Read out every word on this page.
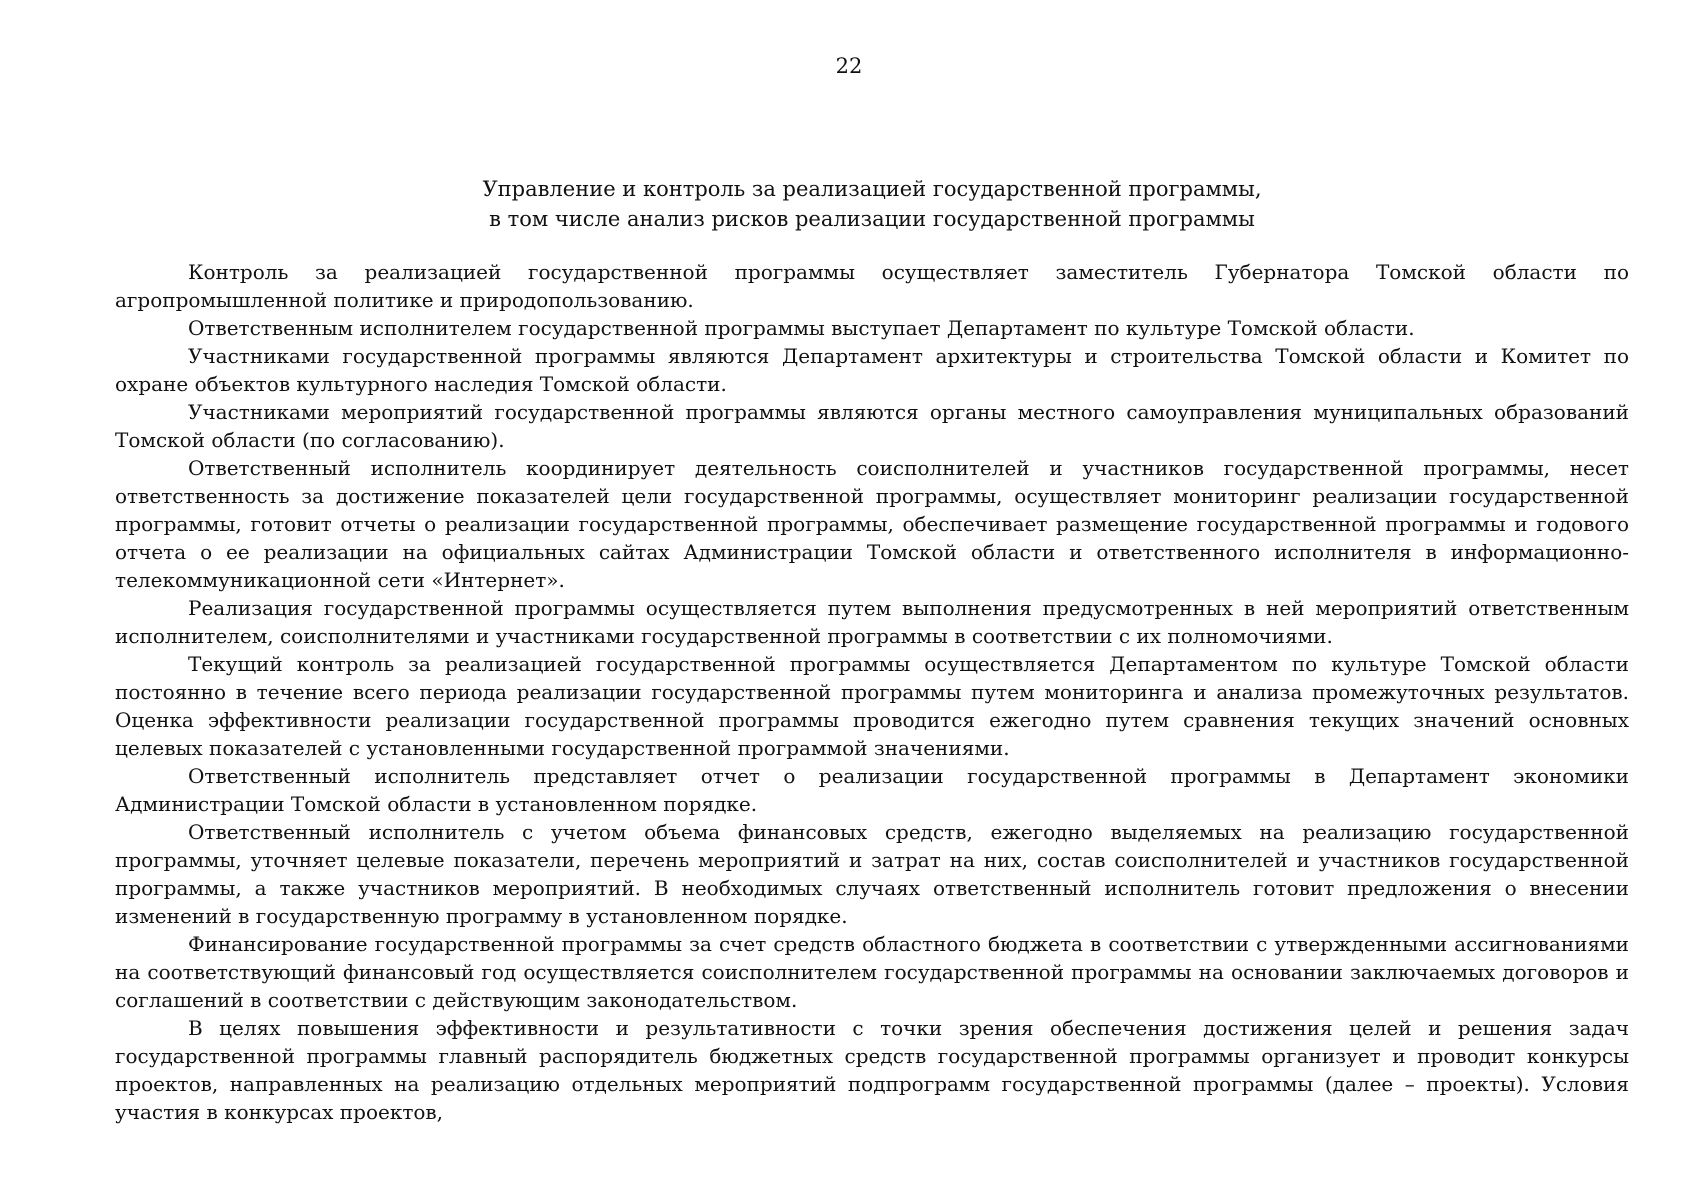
22
Управление и контроль за реализацией государственной программы,
в том числе анализ рисков реализации государственной программы

Контроль за реализацией государственной программы осуществляет заместитель Губернатора Томской области по агропромышленной политике и природопользованию.

Ответственным исполнителем государственной программы выступает Департамент по культуре Томской области.

Участниками государственной программы являются Департамент архитектуры и строительства Томской области и Комитет по охране объектов культурного наследия Томской области.

Участниками мероприятий государственной программы являются органы местного самоуправления муниципальных образований Томской области (по согласованию).

Ответственный исполнитель координирует деятельность соисполнителей и участников государственной программы, несет ответственность за достижение показателей цели государственной программы, осуществляет мониторинг реализации государственной программы, готовит отчеты о реализации государственной программы, обеспечивает размещение государственной программы и годового отчета о ее реализации на официальных сайтах Администрации Томской области и ответственного исполнителя в информационно-телекоммуникационной сети «Интернет».

Реализация государственной программы осуществляется путем выполнения предусмотренных в ней мероприятий ответственным исполнителем, соисполнителями и участниками государственной программы в соответствии с их полномочиями.

Текущий контроль за реализацией государственной программы осуществляется Департаментом по культуре Томской области постоянно в течение всего периода реализации государственной программы путем мониторинга и анализа промежуточных результатов. Оценка эффективности реализации государственной программы проводится ежегодно путем сравнения текущих значений основных целевых показателей с установленными государственной программой значениями.

Ответственный исполнитель представляет отчет о реализации государственной программы в Департамент экономики Администрации Томской области в установленном порядке.

Ответственный исполнитель с учетом объема финансовых средств, ежегодно выделяемых на реализацию государственной программы, уточняет целевые показатели, перечень мероприятий и затрат на них, состав соисполнителей и участников государственной программы, а также участников мероприятий. В необходимых случаях ответственный исполнитель готовит предложения о внесении изменений в государственную программу в установленном порядке.

Финансирование государственной программы за счет средств областного бюджета в соответствии с утвержденными ассигнованиями на соответствующий финансовый год осуществляется соисполнителем государственной программы на основании заключаемых договоров и соглашений в соответствии с действующим законодательством.

В целях повышения эффективности и результативности с точки зрения обеспечения достижения целей и решения задач государственной программы главный распорядитель бюджетных средств государственной программы организует и проводит конкурсы проектов, направленных на реализацию отдельных мероприятий подпрограмм государственной программы (далее – проекты). Условия участия в конкурсах проектов,
